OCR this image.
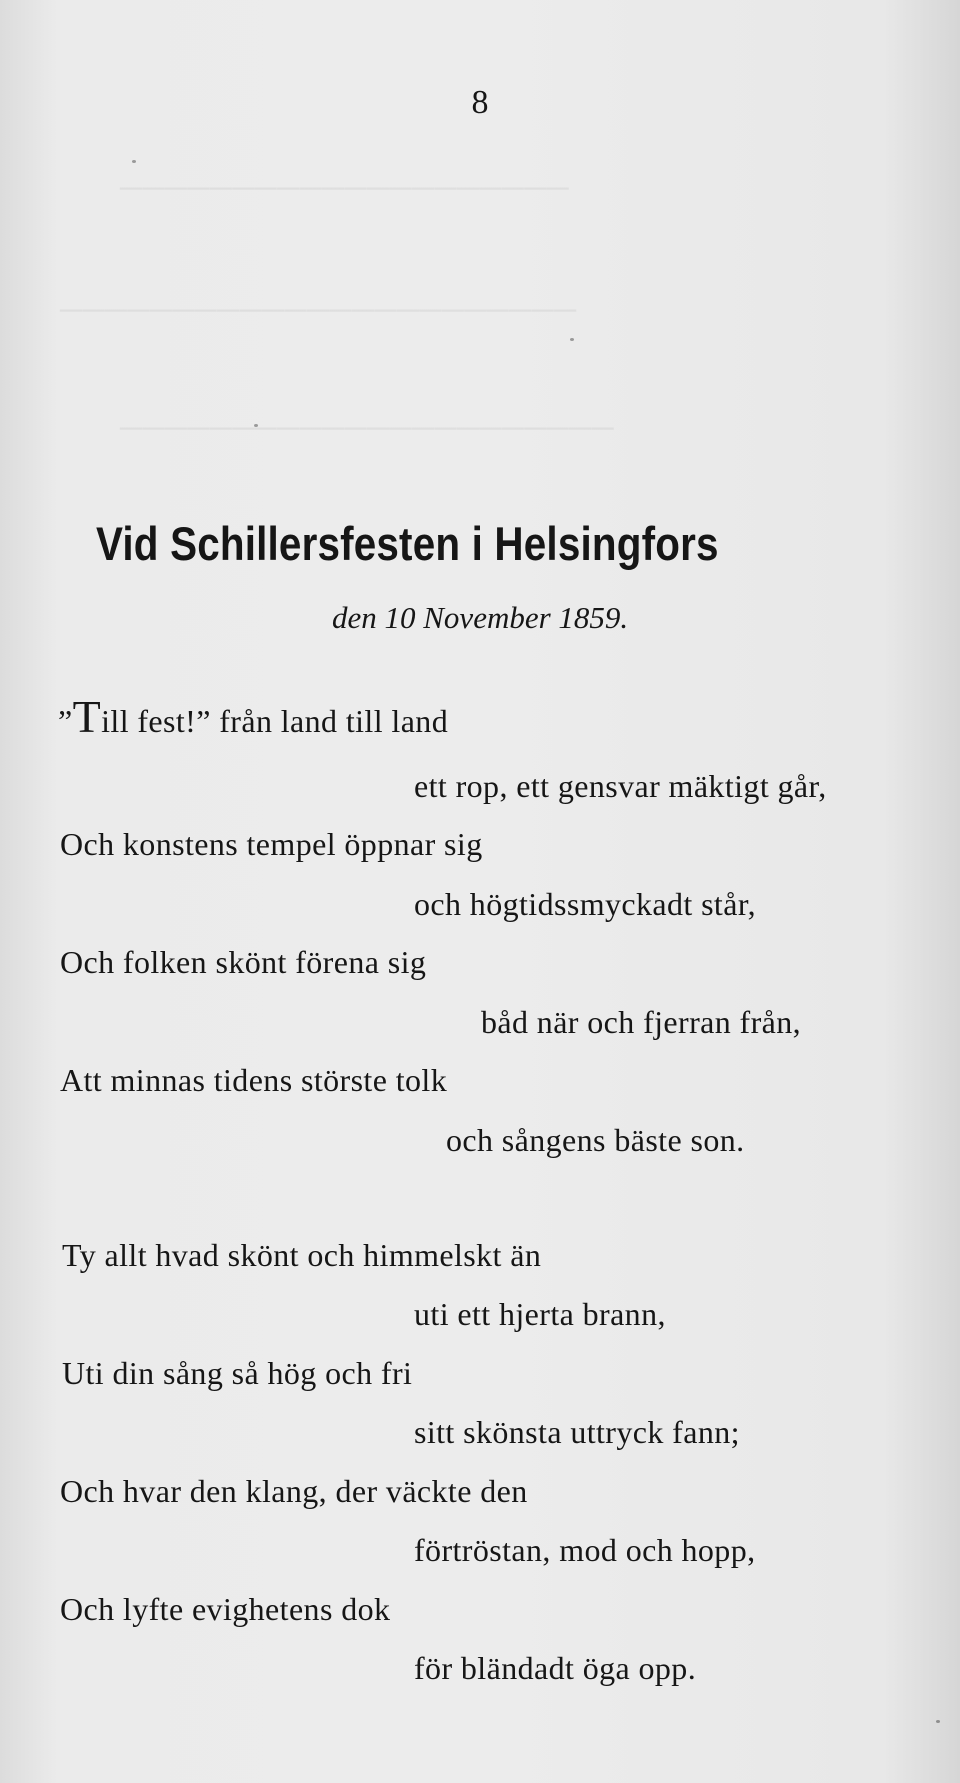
────────────────────
───────────────────────
──────────────────────
8
Vid Schillersfesten i Helsingfors
den 10 November 1859.
”Till fest!” från land till land
ett rop, ett gensvar mäktigt går,
Och konstens tempel öppnar sig
och högtidssmyckadt står,
Och folken skönt förena sig
båd när och fjerran från,
Att minnas tidens störste tolk
och sångens bäste son.
Ty allt hvad skönt och himmelskt än
uti ett hjerta brann,
Uti din sång så hög och fri
sitt skönsta uttryck fann;
Och hvar den klang, der väckte den
förtröstan, mod och hopp,
Och lyfte evighetens dok
för bländadt öga opp.
